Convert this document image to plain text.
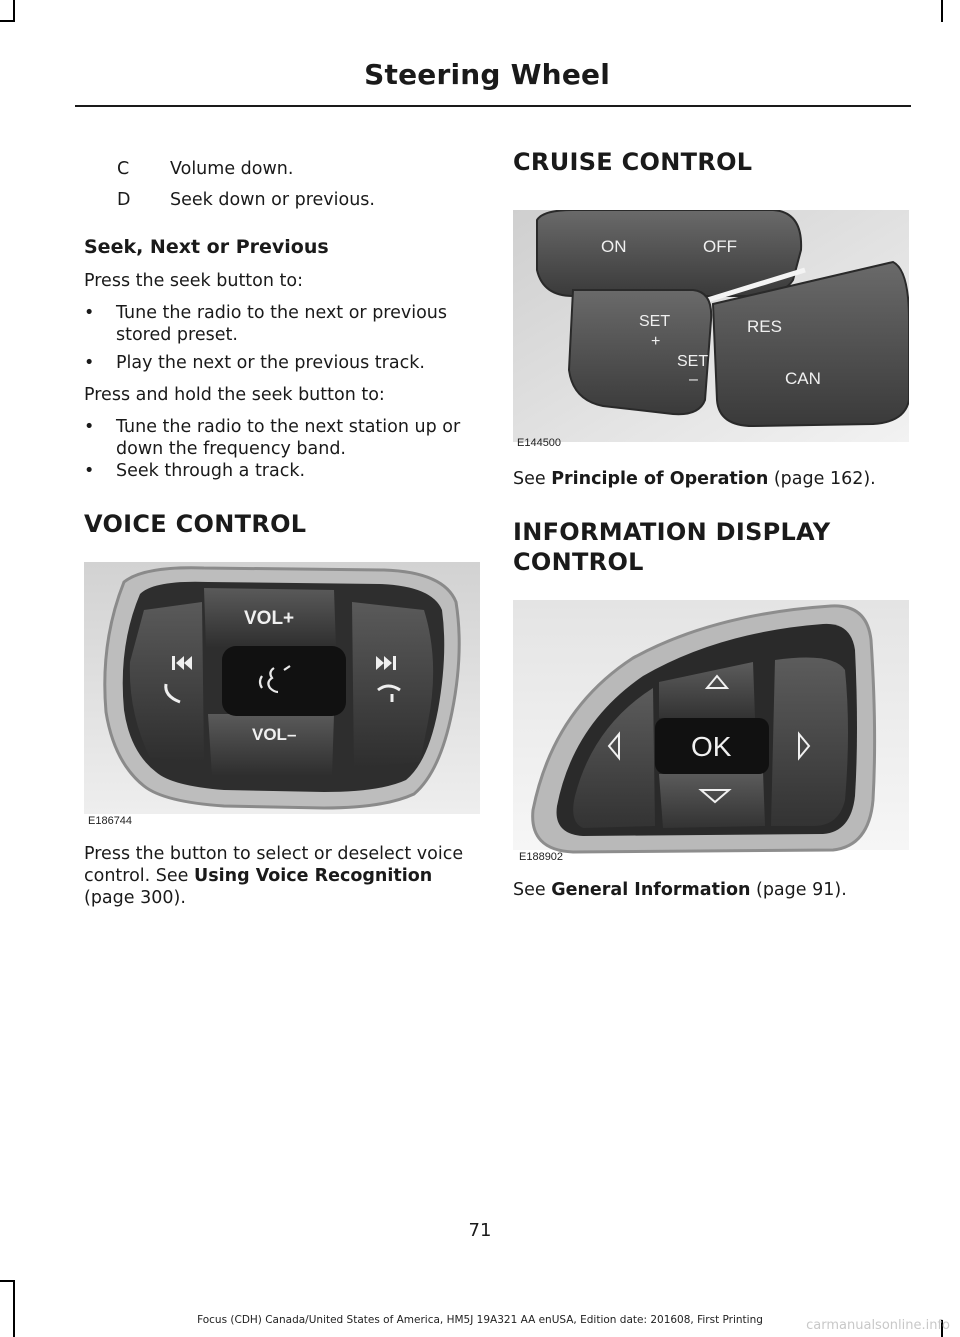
Steering Wheel
C Volume down.
D Seek down or previous.
Seek, Next or Previous
Press the seek button to:
• Tune the radio to the next or previous stored preset.
• Play the next or the previous track.
Press and hold the seek button to:
• Tune the radio to the next station up or down the frequency band.
• Seek through a track.
VOICE CONTROL
VOL+
VOL–
E186744
Press the button to select or deselect voice control. See Using Voice Recognition
(page 300).
CRUISE CONTROL
ON	OFF
SET
+
SET
–
RES
CAN
E144500
See Principle of Operation (page 162).
INFORMATION DISPLAY
CONTROL
OK
E188902
See General Information (page 91).
71
Focus (CDH) Canada/United States of America, HM5J 19A321 AA enUSA, Edition date: 201608, First Printing	carmanualsonline.info
